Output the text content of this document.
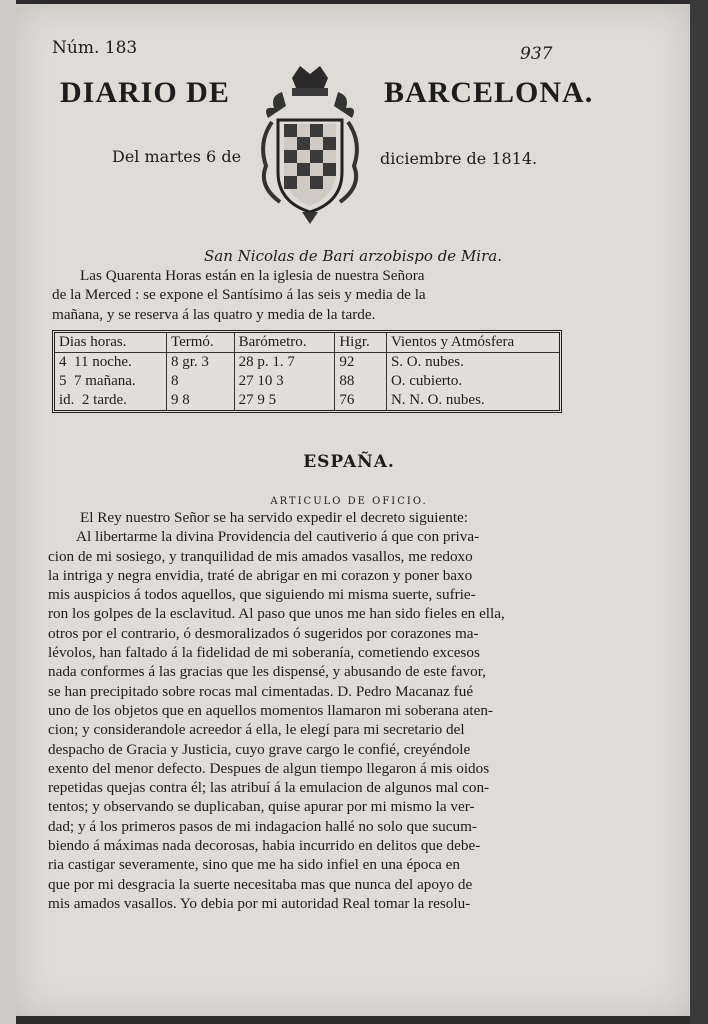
Núm. 183	937
DIARIO DE	BARCELONA.
Del martes 6 de	diciembre de 1814.
San Nicolas de Bari arzobispo de Mira.
Las Quarenta Horas están en la iglesia de nuestra Señora
de la Merced : se expone el Santísimo á las seis y media de la
mañana, y se reserva á las quatro y media de la tarde.
Dias horas.	Termó.	Barómetro.	Higr.	Vientos y Atmósfera
4 11 noche.	8 gr. 3	28 p. 1. 7	92	S. O. nubes.
5 7 mañana.	8	27 10 3	88	O. cubierto.
id. 2 tarde.	9 8	27 9 5	76	N. N. O. nubes.
ESPAÑA.
ARTICULO DE OFICIO.
El Rey nuestro Señor se ha servido expedir el decreto siguiente:
Al libertarme la divina Providencia del cautiverio á que con priva-
cion de mi sosiego, y tranquilidad de mis amados vasallos, me redoxo
la intriga y negra envidia, traté de abrigar en mi corazon y poner baxo
mis auspicios á todos aquellos, que siguiendo mi misma suerte, sufrie-
ron los golpes de la esclavitud. Al paso que unos me han sido fieles en ella,
otros por el contrario, ó desmoralizados ó sugeridos por corazones ma-
lévolos, han faltado á la fidelidad de mi soberanía, cometiendo excesos
nada conformes á las gracias que les dispensé, y abusando de este favor,
se han precipitado sobre rocas mal cimentadas. D. Pedro Macanaz fué
uno de los objetos que en aquellos momentos llamaron mi soberana aten-
cion; y considerandole acreedor á ella, le elegí para mi secretario del
despacho de Gracia y Justicia, cuyo grave cargo le confié, creyéndole
exento del menor defecto. Despues de algun tiempo llegaron á mis oidos
repetidas quejas contra él; las atribuí á la emulacion de algunos mal con-
tentos; y observando se duplicaban, quise apurar por mi mismo la ver-
dad; y á los primeros pasos de mi indagacion hallé no solo que sucum-
biendo á máximas nada decorosas, habia incurrido en delitos que debe-
ria castigar severamente, sino que me ha sido infiel en una época en
que por mi desgracia la suerte necesitaba mas que nunca del apoyo de
mis amados vasallos. Yo debia por mi autoridad Real tomar la resolu-
